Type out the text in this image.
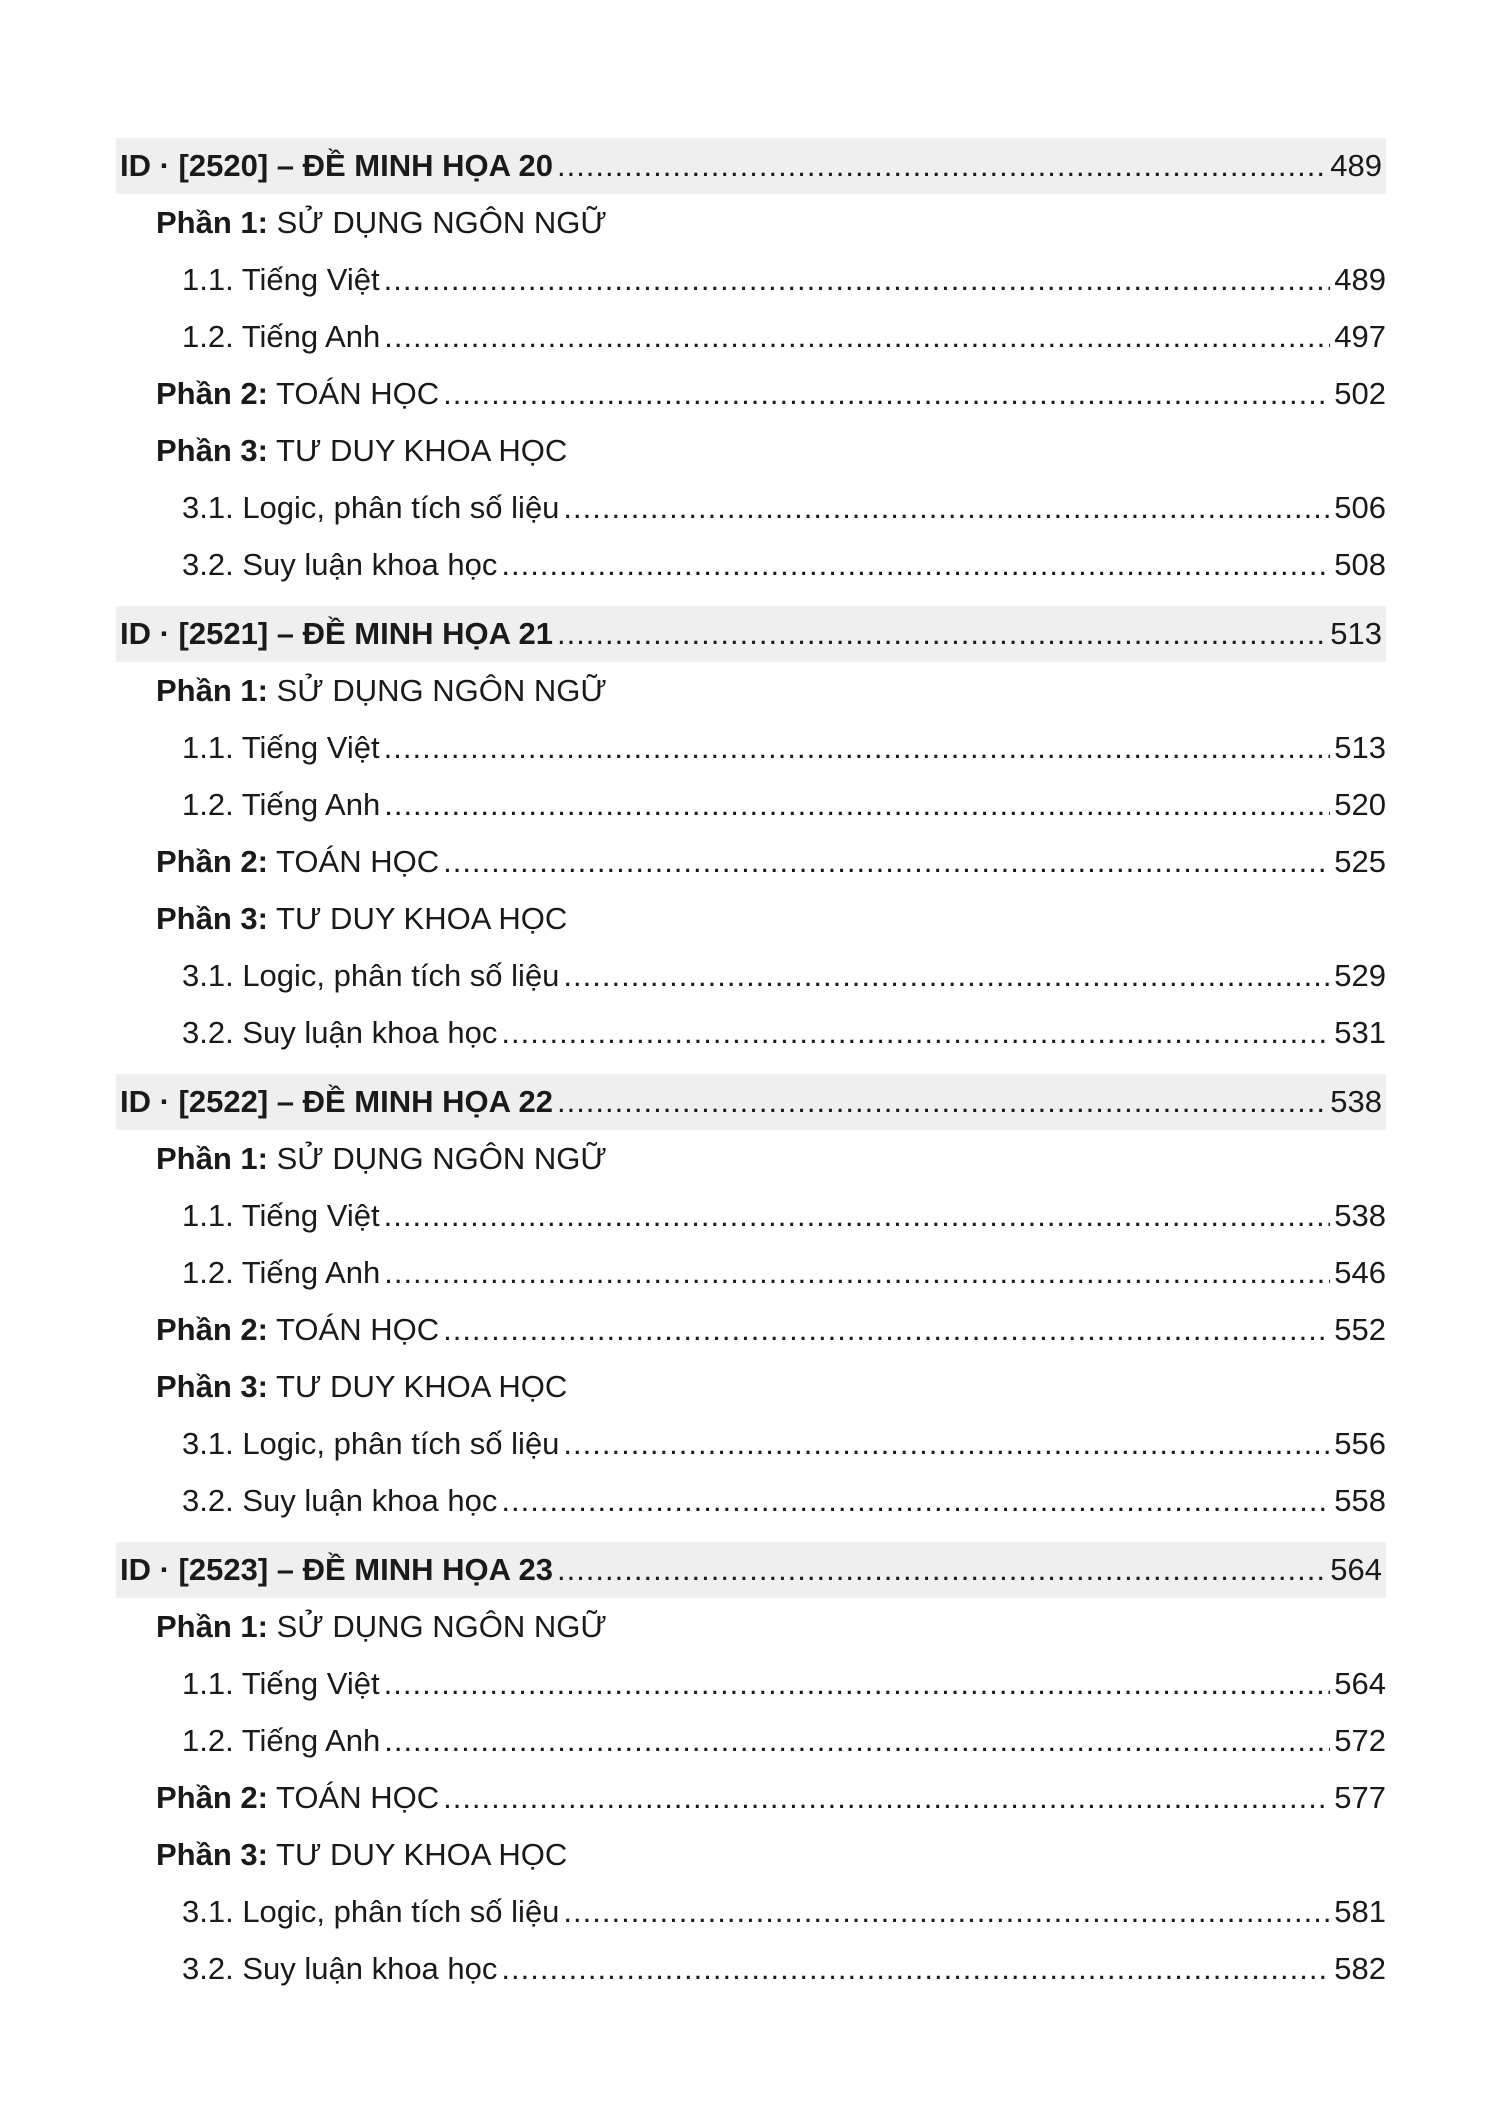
ID · [2520] – ĐỀ MINH HỌA 20 .....	489
Phần 1: SỬ DỤNG NGÔN NGỮ
1.1. Tiếng Việt .....	489
1.2. Tiếng Anh .....	497
Phần 2: TOÁN HỌC .....	502
Phần 3: TƯ DUY KHOA HỌC
3.1. Logic, phân tích số liệu .....	506
3.2. Suy luận khoa học .....	508
ID · [2521] – ĐỀ MINH HỌA 21 .....	513
Phần 1: SỬ DỤNG NGÔN NGỮ
1.1. Tiếng Việt .....	513
1.2. Tiếng Anh .....	520
Phần 2: TOÁN HỌC .....	525
Phần 3: TƯ DUY KHOA HỌC
3.1. Logic, phân tích số liệu .....	529
3.2. Suy luận khoa học .....	531
ID · [2522] – ĐỀ MINH HỌA 22 .....	538
Phần 1: SỬ DỤNG NGÔN NGỮ
1.1. Tiếng Việt .....	538
1.2. Tiếng Anh .....	546
Phần 2: TOÁN HỌC .....	552
Phần 3: TƯ DUY KHOA HỌC
3.1. Logic, phân tích số liệu .....	556
3.2. Suy luận khoa học .....	558
ID · [2523] – ĐỀ MINH HỌA 23 .....	564
Phần 1: SỬ DỤNG NGÔN NGỮ
1.1. Tiếng Việt .....	564
1.2. Tiếng Anh .....	572
Phần 2: TOÁN HỌC .....	577
Phần 3: TƯ DUY KHOA HỌC
3.1. Logic, phân tích số liệu .....	581
3.2. Suy luận khoa học .....	582
